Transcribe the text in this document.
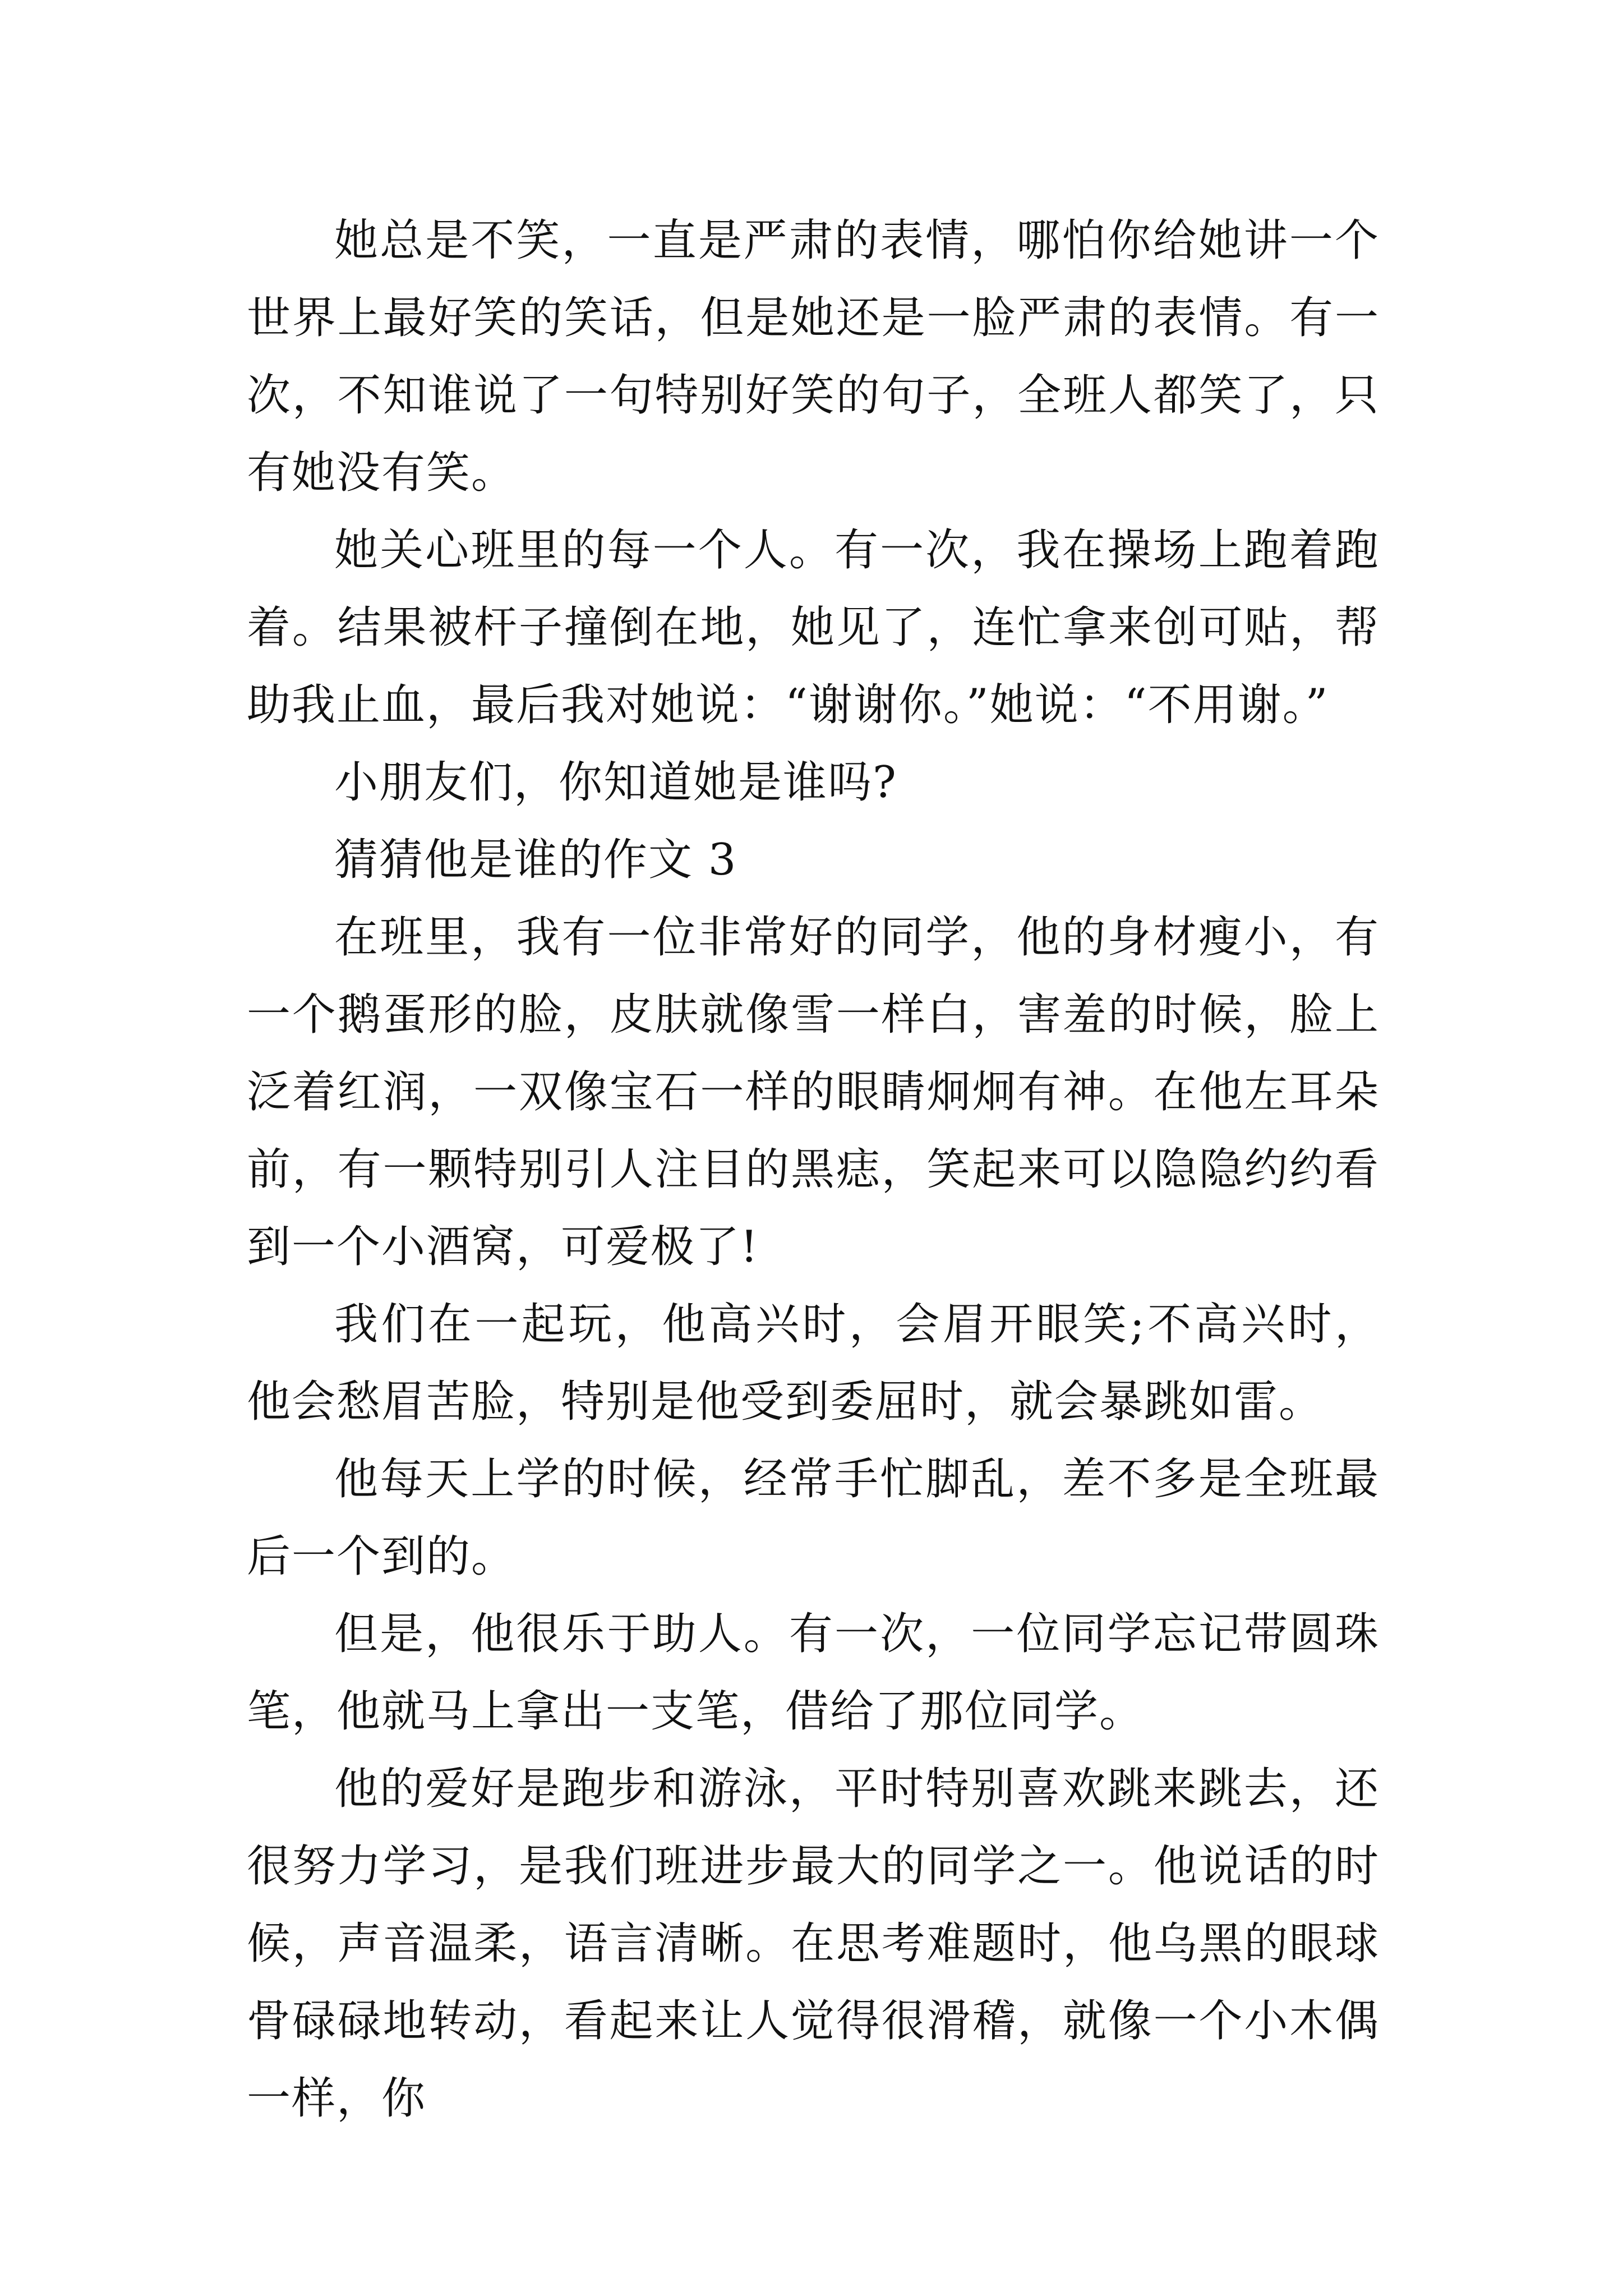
她总是不笑，一直是严肃的表情，哪怕你给她讲一个世界上最好笑的笑话，但是她还是一脸严肃的表情。有一次，不知谁说了一句特别好笑的句子，全班人都笑了，只有她没有笑。

她关心班里的每一个人。有一次，我在操场上跑着跑着。结果被杆子撞倒在地，她见了，连忙拿来创可贴，帮助我止血，最后我对她说：“谢谢你。”她说：“不用谢。”

小朋友们，你知道她是谁吗?

猜猜他是谁的作文 3

在班里，我有一位非常好的同学，他的身材瘦小，有一个鹅蛋形的脸，皮肤就像雪一样白，害羞的时候，脸上泛着红润，一双像宝石一样的眼睛炯炯有神。在他左耳朵前，有一颗特别引人注目的黑痣，笑起来可以隐隐约约看到一个小酒窝，可爱极了!

我们在一起玩，他高兴时，会眉开眼笑;不高兴时，他会愁眉苦脸，特别是他受到委屈时，就会暴跳如雷。

他每天上学的时候，经常手忙脚乱，差不多是全班最后一个到的。

但是，他很乐于助人。有一次，一位同学忘记带圆珠笔，他就马上拿出一支笔，借给了那位同学。

他的爱好是跑步和游泳，平时特别喜欢跳来跳去，还很努力学习，是我们班进步最大的同学之一。他说话的时候，声音温柔，语言清晰。在思考难题时，他乌黑的眼球骨碌碌地转动，看起来让人觉得很滑稽，就像一个小木偶一样，你
